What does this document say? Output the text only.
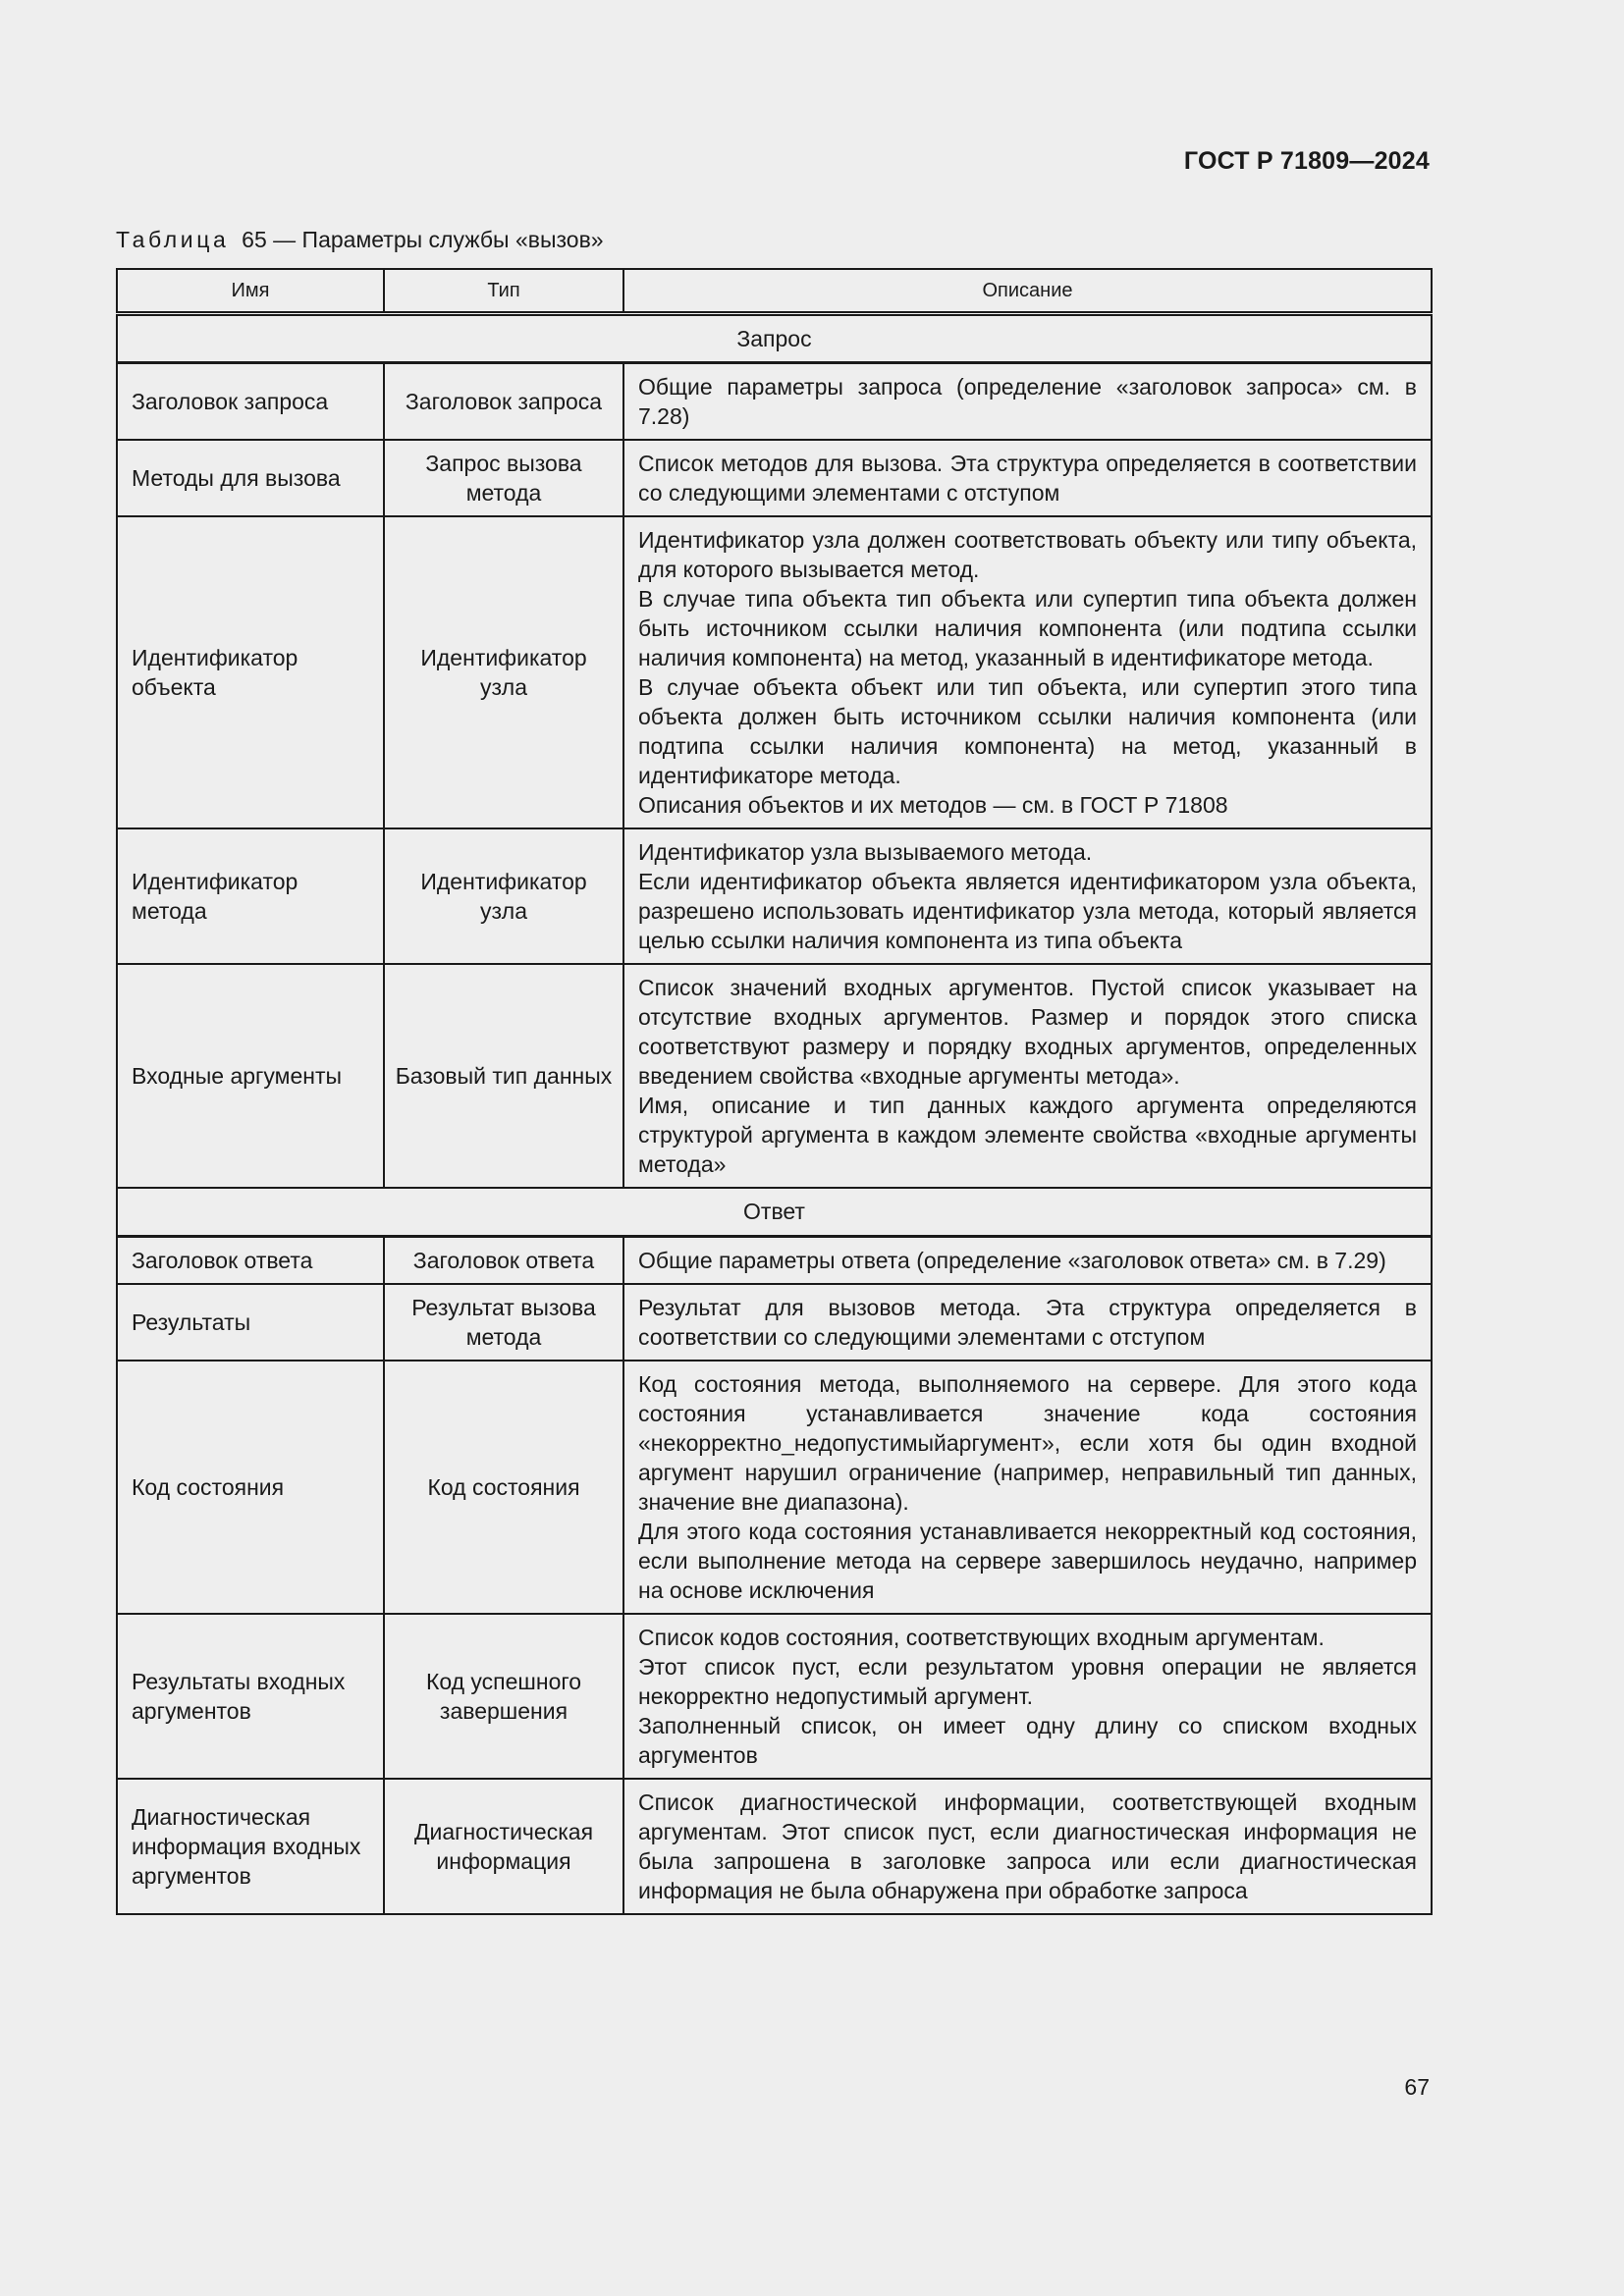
ГОСТ Р 71809—2024
Таблица 65 — Параметры службы «вызов»
Имя	Тип	Описание
Запрос		
Заголовок запроса	Заголовок запроса	Общие параметры запроса (определение «заголовок запроса» см. в 7.28)

Методы для вызова	Запрос вызова метода	Список методов для вызова. Эта структура определяется в соответствии со следующими элементами с отступом

Идентификатор объекта	Идентификатор узла	Идентификатор узла должен соответствовать объекту или типу объекта, для которого вызывается метод.

В случае типа объекта тип объекта или супертип типа объекта должен быть источником ссылки наличия компонента (или подтипа ссылки наличия компонента) на метод, указанный в идентификаторе метода.

В случае объекта объект или тип объекта, или супертип этого типа объекта должен быть источником ссылки наличия компонента (или подтипа ссылки наличия компонента) на метод, указанный в идентификаторе метода.

Описания объектов и их методов — см. в ГОСТ Р 71808

Идентификатор метода	Идентификатор узла	Идентификатор узла вызываемого метода.

Если идентификатор объекта является идентификатором узла объекта, разрешено использовать идентификатор узла метода, который является целью ссылки наличия компонента из типа объекта

Входные аргументы	Базовый тип данных	Список значений входных аргументов. Пустой список указывает на отсутствие входных аргументов. Размер и порядок этого списка соответствуют размеру и порядку входных аргументов, определенных введением свойства «входные аргументы метода».

Имя, описание и тип данных каждого аргумента определяются структурой аргумента в каждом элементе свойства «входные аргументы метода»

Ответ		
Заголовок ответа	Заголовок ответа	Общие параметры ответа (определение «заголовок ответа» см. в 7.29)

Результаты	Результат вызова метода	Результат для вызовов метода. Эта структура определяется в соответствии со следующими элементами с отступом

Код состояния	Код состояния	Код состояния метода, выполняемого на сервере. Для этого кода состояния устанавливается значение кода состояния «некорректно_недопустимыйаргумент», если хотя бы один входной аргумент нарушил ограничение (например, неправильный тип данных, значение вне диапазона).

Для этого кода состояния устанавливается некорректный код состояния, если выполнение метода на сервере завершилось неудачно, например на основе исключения

Результаты входных аргументов	Код успешного завершения	Список кодов состояния, соответствующих входным аргументам.

Этот список пуст, если результатом уровня операции не является некорректно недопустимый аргумент.

Заполненный список, он имеет одну длину со списком входных аргументов

Диагностическая информация входных аргументов	Диагностическая информация	Список диагностической информации, соответствующей входным аргументам. Этот список пуст, если диагностическая информация не была запрошена в заголовке запроса или если диагностическая информация не была обнаружена при обработке запроса

67
